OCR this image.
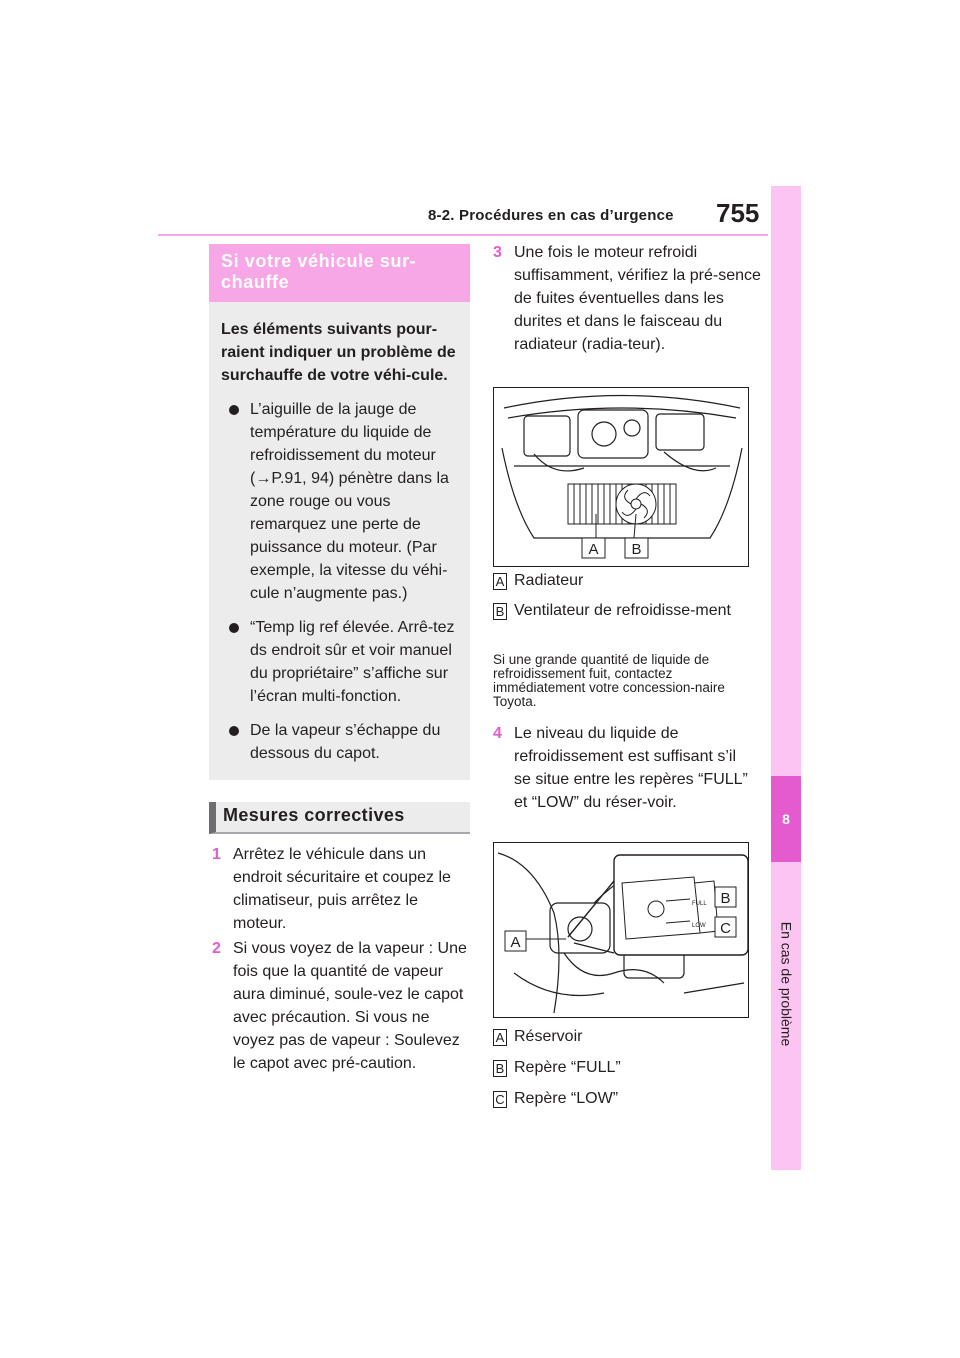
8-2. Procédures en cas d’urgence 755
8
En cas de problème
Si votre véhicule sur-
chauffe
Les éléments suivants pour-raient indiquer un problème de surchauffe de votre véhi-cule.
L’aiguille de la jauge de température du liquide de refroidissement du moteur (→P.91, 94) pénètre dans la zone rouge ou vous remarquez une perte de puissance du moteur. (Par exemple, la vitesse du véhi-cule n’augmente pas.)
“Temp lig ref élevée. Arrê-tez ds endroit sûr et voir manuel du propriétaire” s’affiche sur l’écran multi-fonction.
De la vapeur s’échappe du dessous du capot.
Mesures correctives
1 Arrêtez le véhicule dans un endroit sécuritaire et coupez le climatiseur, puis arrêtez le moteur.
2 Si vous voyez de la vapeur : Une fois que la quantité de vapeur aura diminué, soule-vez le capot avec précaution. Si vous ne voyez pas de vapeur : Soulevez le capot avec pré-caution.
3 Une fois le moteur refroidi suffisamment, vérifiez la pré-sence de fuites éventuelles dans les durites et dans le faisceau du radiateur (radia-teur).
A B
A Radiateur
B Ventilateur de refroidisse-ment
Si une grande quantité de liquide de refroidissement fuit, contactez immédiatement votre concession-naire Toyota.
4 Le niveau du liquide de refroidissement est suffisant s’il se situe entre les repères “FULL” et “LOW” du réser-voir.
FULL
LOW
A
B
C
A Réservoir
B Repère “FULL”
C Repère “LOW”
